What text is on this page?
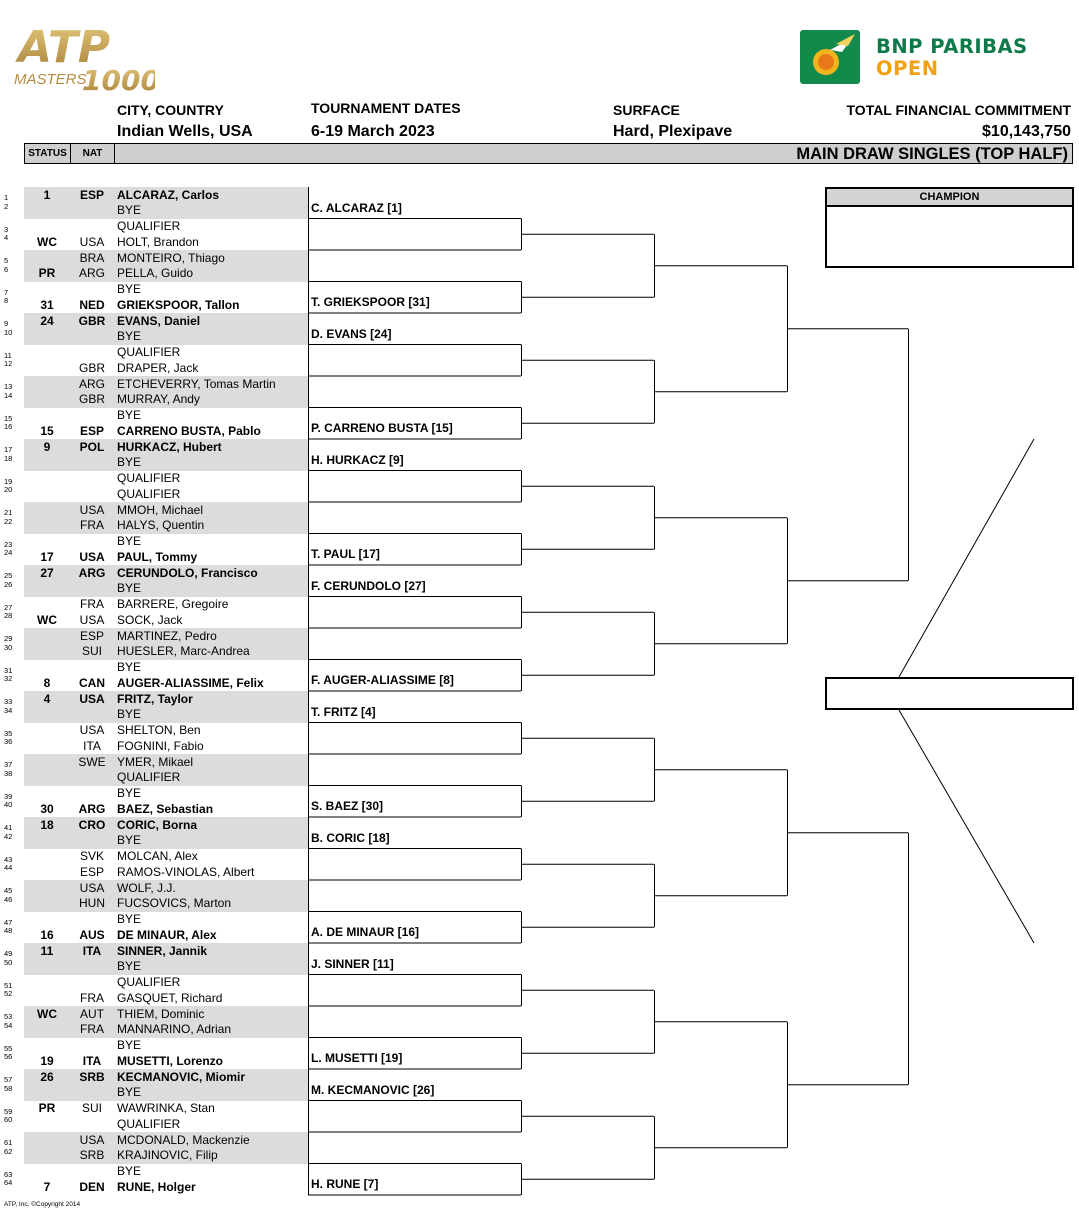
ATP
MASTERS
1000
BNP PARIBAS
OPEN
CITY, COUNTRY
Indian Wells, USA
TOURNAMENT DATES
6-19 March 2023
SURFACE
Hard, Plexipave
TOTAL FINANCIAL COMMITMENT
$10,143,750
STATUS	NAT	MAIN DRAW SINGLES (TOP HALF)
1	1	ESP	ALCARAZ, Carlos
2	BYE
3	QUALIFIER
4	WC	USA	HOLT, Brandon
5	BRA	MONTEIRO, Thiago
6	PR	ARG	PELLA, Guido
7	BYE
8	31	NED	GRIEKSPOOR, Tallon
9	24	GBR EVANS, Daniel
10	BYE
11	QUALIFIER
12	GBR	DRAPER, Jack
13	ARG	ETCHEVERRY, Tomas Martin
14	GBR	MURRAY, Andy
15	BYE
16	15	ESP	CARRENO BUSTA, Pablo
17	9	POL	HURKACZ, Hubert
18	BYE
19	QUALIFIER
20	QUALIFIER
21	USA	MMOH, Michael
22	FRA	HALYS, Quentin
23	BYE
24	17	USA	PAUL, Tommy
25	27	ARG CERUNDOLO, Francisco
26	BYE
27	FRA	BARRERE, Gregoire
28	WC	USA	SOCK, Jack
29	ESP	MARTINEZ, Pedro
30	SUI	HUESLER, Marc-Andrea
31	BYE
32	8	CAN	AUGER-ALIASSIME, Felix
33	4	USA	FRITZ, Taylor
34	BYE
35	USA	SHELTON, Ben
36	ITA	FOGNINI, Fabio
37	SWE YMER, Mikael
38	QUALIFIER
39	BYE
40	30	ARG BAEZ, Sebastian
41	18	CRO CORIC, Borna
42	BYE
43	SVK	MOLCAN, Alex
44	ESP	RAMOS-VINOLAS, Albert
45	USA	WOLF, J.J.
46	HUN	FUCSOVICS, Marton
47	BYE
48	16	AUS	DE MINAUR, Alex
49	11	ITA	SINNER, Jannik
50	BYE
51	QUALIFIER
52	FRA	GASQUET, Richard
53	WC	AUT	THIEM, Dominic
54	FRA	MANNARINO, Adrian
55	BYE
56	19	ITA	MUSETTI, Lorenzo
57	26	SRB	KECMANOVIC, Miomir
58	BYE
59	PR	SUI	WAWRINKA, Stan
60	QUALIFIER
61	USA	MCDONALD, Mackenzie
62	SRB	KRAJINOVIC, Filip
63	BYE
64	7	DEN	RUNE, Holger
C. ALCARAZ [1]
T. GRIEKSPOOR [31]
D. EVANS [24]
P. CARRENO BUSTA [15]
H. HURKACZ [9]
T. PAUL [17]
F. CERUNDOLO [27]
F. AUGER-ALIASSIME [8]
T. FRITZ [4]
S. BAEZ [30]
B. CORIC [18]
A. DE MINAUR [16]
J. SINNER [11]
L. MUSETTI [19]
M. KECMANOVIC [26]
H. RUNE [7]
CHAMPION
ATP, Inc. ©Copyright 2014
